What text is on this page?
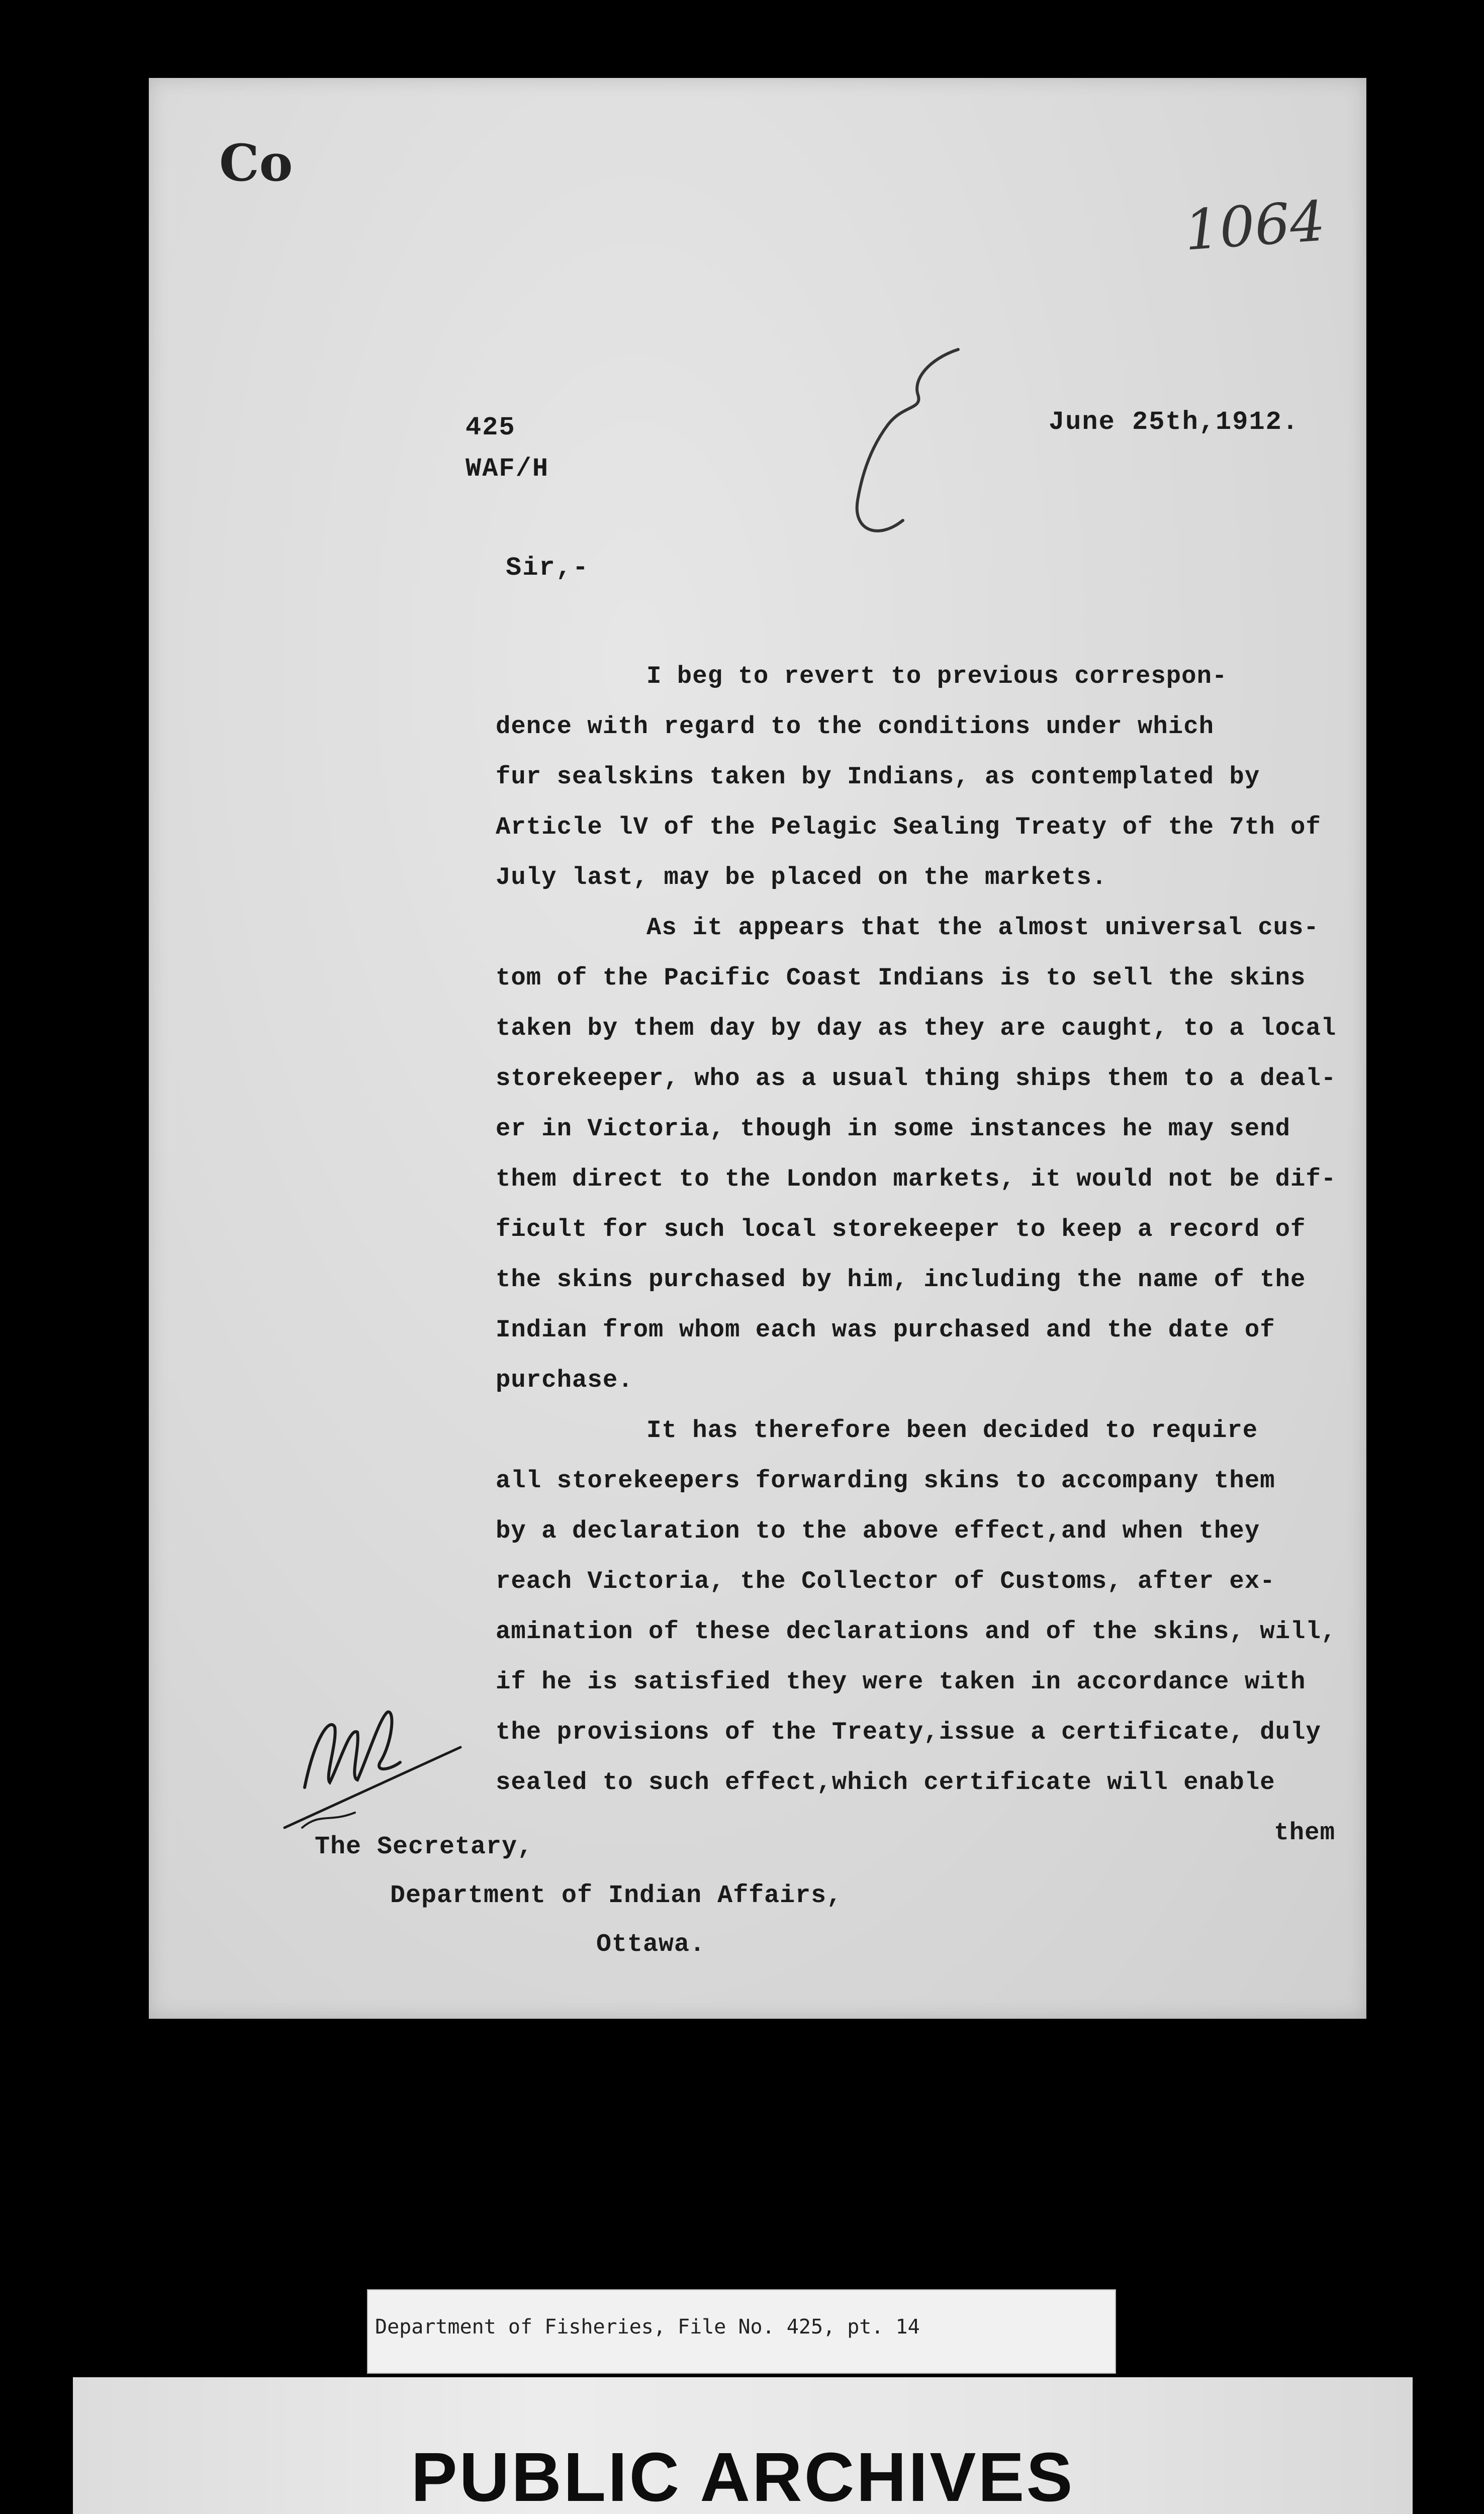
Co
1064
425
WAF/H
June 25th,1912.
Sir,-
I beg to revert to previous correspon-
dence with regard to the conditions under which
fur sealskins taken by Indians, as contemplated by
Article lV of the Pelagic Sealing Treaty of the 7th of
July last, may be placed on the markets.
As it appears that the almost universal cus-
tom of the Pacific Coast Indians is to sell the skins
taken by them day by day as they are caught, to a local
storekeeper, who as a usual thing ships them to a deal-
er in Victoria, though in some instances he may send
them direct to the London markets, it would not be dif-
ficult for such local storekeeper to keep a record of
the skins purchased by him, including the name of the
Indian from whom each was purchased and the date of
purchase.
It has therefore been decided to require
all storekeepers forwarding skins to accompany them
by a declaration to the above effect,and when they
reach Victoria, the Collector of Customs, after ex-
amination of these declarations and of the skins, will,
if he is satisfied they were taken in accordance with
the provisions of the Treaty,issue a certificate, duly
sealed to such effect,which certificate will enable
them
The Secretary,
Department of Indian Affairs,
Ottawa.
Department of Fisheries, File No. 425, pt. 14
PUBLIC ARCHIVES
